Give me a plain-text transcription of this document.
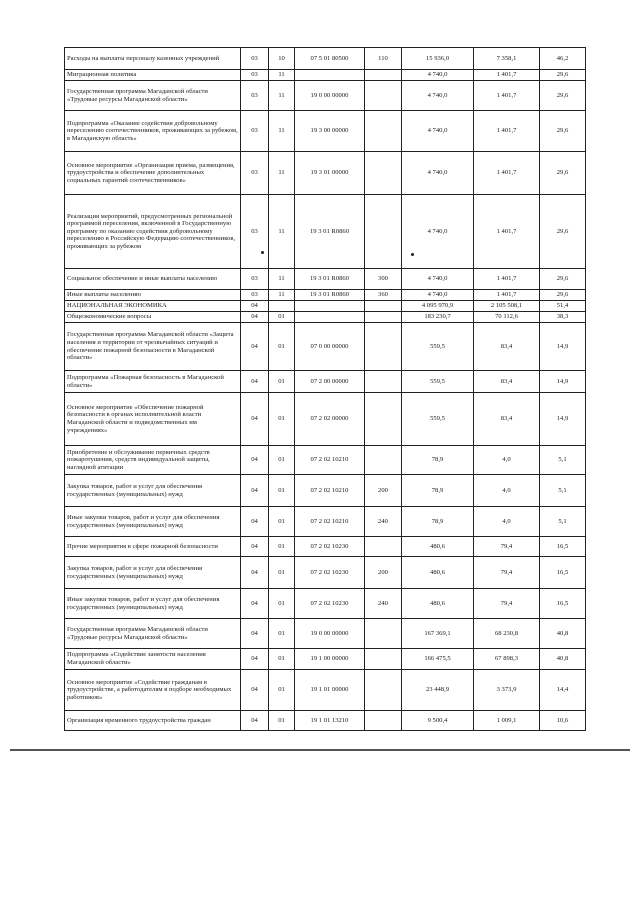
Расходы на выплаты персоналу казенных учреждений	03	10	07 5 01 80500	110	15 936,0	7 358,1	46,2
Миграционная политика	03	11			4 740,0	1 401,7	29,6
Государственная программа Магаданской области «Трудовые ресурсы Магаданской области»	03	11	19 0 00 00000		4 740,0	1 401,7	29,6
Подпрограмма «Оказание содействия добровольному переселению соотечественников, проживающих за рубежом, в Магаданскую область»	03	11	19 3 00 00000		4 740,0	1 401,7	29,6
Основное мероприятие «Организация приема, размещения, трудоустройства и обеспечение дополнительных социальных гарантий соотечественников»	03	11	19 3 01 00000		4 740,0	1 401,7	29,6
Реализация мероприятий, предусмотренных региональной программой переселения, включенной в Государственную программу по оказанию содействия добровольному переселению в Российскую Федерацию соотечественников, проживающих за рубежом	03	11	19 3 01 R0860		4 740,0	1 401,7	29,6
Социальное обеспечение и иные выплаты населению	03	11	19 3 01 R0860	300	4 740,0	1 401,7	29,6
Иные выплаты населению	03	11	19 3 01 R0860	360	4 740,0	1 401,7	29,6
НАЦИОНАЛЬНАЯ ЭКОНОМИКА	04				4 095 970,9	2 105 508,1	51,4
Общеэкономические вопросы	04	01			183 230,7	70 112,6	38,3
Государственная программа Магаданской области «Защита населения и территории от чрезвычайных ситуаций и обеспечение пожарной безопасности в Магаданской области»	04	01	07 0 00 00000		559,5	83,4	14,9
Подпрограмма «Пожарная безопасность в Магаданской области»	04	01	07 2 00 00000		559,5	83,4	14,9
Основное мероприятие «Обеспечение пожарной безопасности в органах исполнительной власти Магаданской области и подведомственных им учреждениях»	04	01	07 2 02 00000		559,5	83,4	14,9
Приобретение и обслуживание первичных средств пожаротушения, средств индивидуальной защиты, наглядной агитации	04	01	07 2 02 10210		78,9	4,0	5,1
Закупка товаров, работ и услуг для обеспечения государственных (муниципальных) нужд	04	01	07 2 02 10210	200	78,9	4,0	5,1
Иные закупки товаров, работ и услуг для обеспечения государственных (муниципальных) нужд	04	01	07 2 02 10210	240	78,9	4,0	5,1
Прочие мероприятия в сфере пожарной безопасности	04	01	07 2 02 10230		480,6	79,4	16,5
Закупка товаров, работ и услуг для обеспечения государственных (муниципальных) нужд	04	01	07 2 02 10230	200	480,6	79,4	16,5
Иные закупки товаров, работ и услуг для обеспечения государственных (муниципальных) нужд	04	01	07 2 02 10230	240	480,6	79,4	16,5
Государственная программа Магаданской области «Трудовые ресурсы Магаданской области»	04	01	19 0 00 00000		167 369,1	68 230,8	40,8
Подпрограмма «Содействие занятости населения Магаданской области»	04	01	19 1 00 00000		166 475,5	67 898,3	40,8
Основное мероприятие «Содействие гражданам в трудоустройстве, а работодателям в подборе необходимых работников»	04	01	19 1 01 00000		23 448,9	3 373,9	14,4
Организация временного трудоустройства граждан	04	01	19 1 01 13210		9 500,4	1 009,1	10,6
